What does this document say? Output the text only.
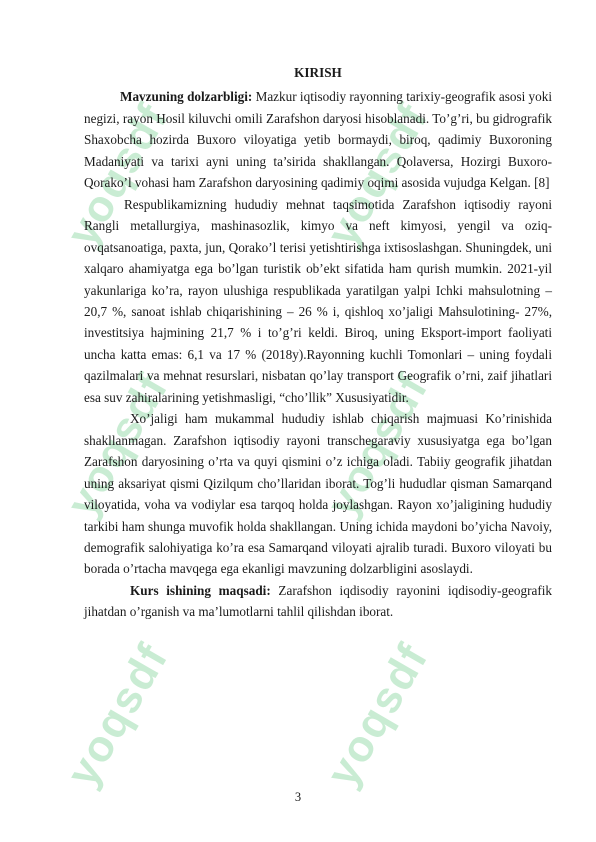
yoqsdf	yoqsdf
yoqsdf	yoqsdf
yoqsdf	yoqsdf
KIRISH

Mavzuning dolzarbligi: Mazkur iqtisodiy rayonning tarixiy-geografik asosi yoki negizi, rayon Hosil kiluvchi omili Zarafshon daryosi hisoblanadi. To’g’ri, bu gidrografik Shaxobcha hozirda Buxoro viloyatiga yetib bormaydi, biroq, qadimiy Buxoroning Madaniyati va tarixi ayni uning ta’sirida shakllangan. Qolaversa, Hozirgi Buxoro-Qorako’l vohasi ham Zarafshon daryosining qadimiy oqimi asosida vujudga Kelgan. [8]

Respublikamizning hududiy mehnat taqsimotida Zarafshon iqtisodiy rayoni Rangli metallurgiya, mashinasozlik, kimyo va neft kimyosi, yengil va oziq-ovqatsanoatiga, paxta, jun, Qorako’l terisi yetishtirishga ixtisoslashgan. Shuningdek, uni xalqaro ahamiyatga ega bo’lgan turistik ob’ekt sifatida ham qurish mumkin. 2021-yil yakunlariga ko’ra, rayon ulushiga respublikada yaratilgan yalpi Ichki mahsulotning – 20,7 %, sanoat ishlab chiqarishining – 26 % i, qishloq xo’jaligi Mahsulotining- 27%, investitsiya hajmining 21,7 % i to’g’ri keldi. Biroq, uning Eksport-import faoliyati uncha katta emas: 6,1 va 17 % (2018y).Rayonning kuchli Tomonlari – uning foydali qazilmalari va mehnat resurslari, nisbatan qo’lay transport Geografik o’rni, zaif jihatlari esa suv zahiralarining yetishmasligi, “cho’llik” Xususiyatidir.

Xo’jaligi ham mukammal hududiy ishlab chiqarish majmuasi Ko’rinishida shakllanmagan. Zarafshon iqtisodiy rayoni transchegaraviy xususiyatga ega bo’lgan Zarafshon daryosining o’rta va quyi qismini o’z ichiga oladi. Tabiiy geografik jihatdan uning aksariyat qismi Qizilqum cho’llaridan iborat. Tog’li hududlar qisman Samarqand viloyatida, voha va vodiylar esa tarqoq holda joylashgan. Rayon xo’jaligining hududiy tarkibi ham shunga muvofik holda shakllangan. Uning ichida maydoni bo’yicha Navoiy, demografik salohiyatiga ko’ra esa Samarqand viloyati ajralib turadi. Buxoro viloyati bu borada o’rtacha mavqega ega ekanligi mavzuning dolzarbligini asoslaydi.

Kurs ishining maqsadi: Zarafshon iqdisodiy rayonini iqdisodiy-geografik jihatdan o’rganish va ma’lumotlarni tahlil qilishdan iborat.

3
